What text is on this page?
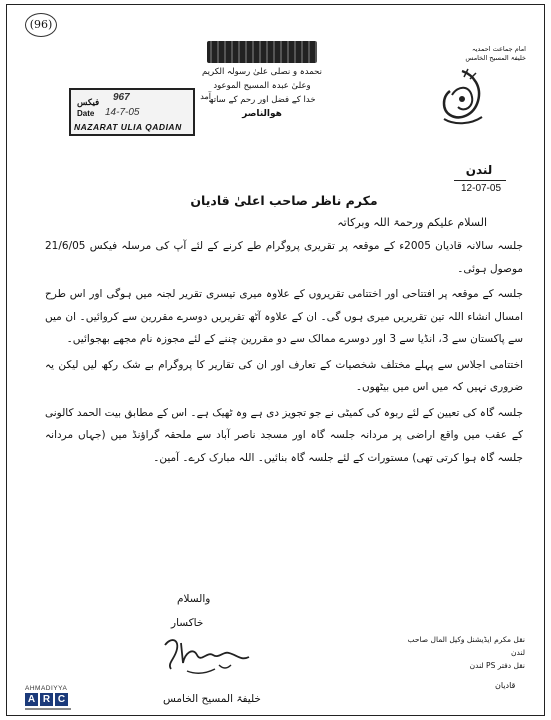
(96)
نحمدہ و نصلی علیٰ رسولہ الکریم
وعلیٰ عبدہ المسیح الموعود
خدا کے فضل اور رحم کے ساتھ
ھوالناصر
آمد
فیکس 967
Date 14-7-05
NAZARAT ULIA QADIAN
امام جماعت احمدیہ
خلیفۃ المسیح الخامس
لندن
12-07-05
مکرم ناظر صاحب اعلیٰ قادیان
السلام علیکم ورحمۃ اللہ وبرکاتہ

جلسہ سالانہ قادیان 2005ء کے موقعہ پر تقریری پروگرام طے کرنے کے لئے آپ کی مرسلہ فیکس 21/6/05 موصول ہوئی۔

جلسہ کے موقعہ پر افتتاحی اور اختتامی تقریروں کے علاوہ میری تیسری تقریر لجنہ میں ہوگی اور اس طرح امسال انشاء اللہ تین تقریریں میری ہوں گی۔ ان کے علاوہ آٹھ تقریریں دوسرے مقررین سے کروائیں۔ ان میں سے پاکستان سے 3، انڈیا سے 3 اور دوسرے ممالک سے دو مقررین چننے کے لئے مجوزہ نام مجھے بھجوائیں۔

اختتامی اجلاس سے پہلے مختلف شخصیات کے تعارف اور ان کی تقاریر کا پروگرام بے شک رکھ لیں لیکن یہ ضروری نہیں کہ میں اس میں بیٹھوں۔

جلسہ گاہ کی تعیین کے لئے ربوہ کی کمیٹی نے جو تجویز دی ہے وہ ٹھیک ہے۔ اس کے مطابق بیت الحمد کالونی کے عقب میں واقع اراضی پر مردانہ جلسہ گاہ اور مسجد ناصر آباد سے ملحقہ گراؤنڈ میں (جہاں مردانہ جلسہ گاہ ہوا کرتی تھی) مستورات کے لئے جلسہ گاہ بنائیں۔ اللہ مبارک کرے۔ آمین۔

والسلام
خاکسار
خلیفۃ المسیح الخامس
نقل مکرم ایڈیشنل وکیل المال صاحب لندن
نقل دفتر PS لندن
قادیان
AHMADIYYA
A R C
